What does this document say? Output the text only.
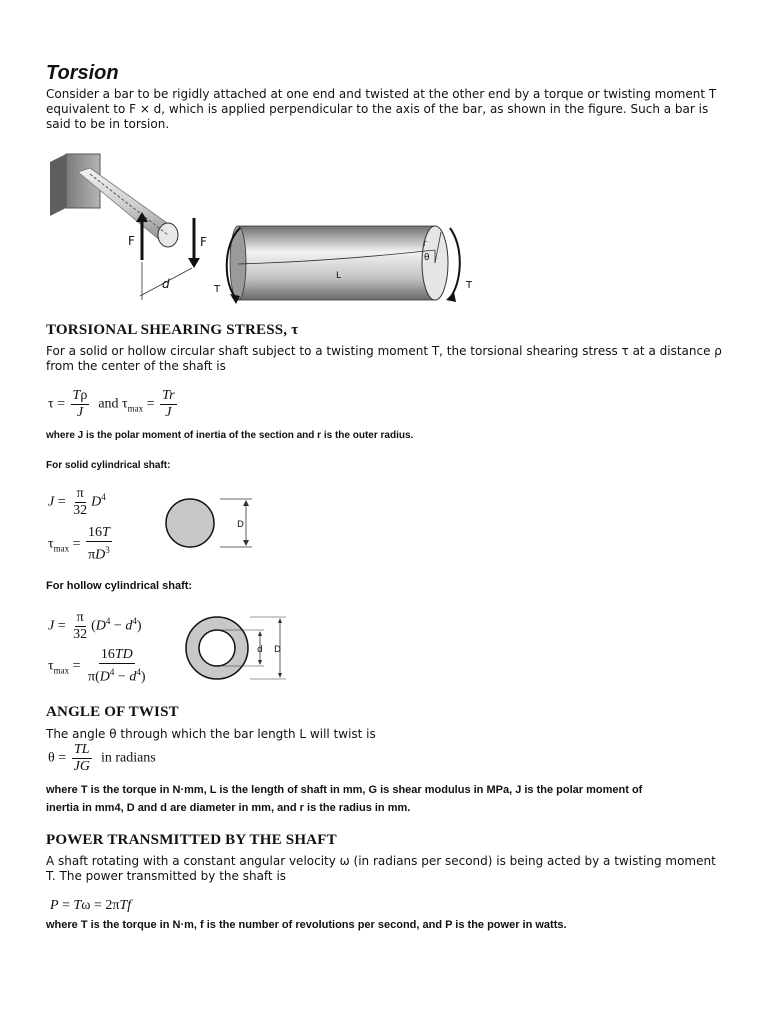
Torsion
Consider a bar to be rigidly attached at one end and twisted at the other end by a torque or twisting moment T
equivalent to F × d, which is applied perpendicular to the axis of the bar, as shown in the figure. Such a bar is
said to be in torsion.
F	F
d
θ
r
L
T	T
TORSIONAL SHEARING STRESS, τ
For a solid or hollow circular shaft subject to a twisting moment T, the torsional shearing stress τ at a distance ρ
from the center of the shaft is
$\tau = \frac{T\rho}{J}$ and $\tau_{max} = \frac{Tr}{J}$
where J is the polar moment of inertia of the section and r is the outer radius.
For solid cylindrical shaft:
$J = \frac{\pi}{32} D^4$
$\tau_{max} = \frac{16T}{\pi D^3}$	D
For hollow cylindrical shaft:
$J = \frac{\pi}{32} (D^4 - d^4)$
$\tau_{max} = \frac{16TD}{\pi(D^4 - d^4)}$	d D
ANGLE OF TWIST
The angle θ through which the bar length L will twist is
$\theta = \frac{TL}{JG}$ in radians
where T is the torque in N·mm, L is the length of shaft in mm, G is shear modulus in MPa, J is the polar moment of
inertia in mm4, D and d are diameter in mm, and r is the radius in mm.
POWER TRANSMITTED BY THE SHAFT
A shaft rotating with a constant angular velocity ω (in radians per second) is being acted by a twisting moment
T. The power transmitted by the shaft is
P = Tω = 2πTf
where T is the torque in N·m, f is the number of revolutions per second, and P is the power in watts.
